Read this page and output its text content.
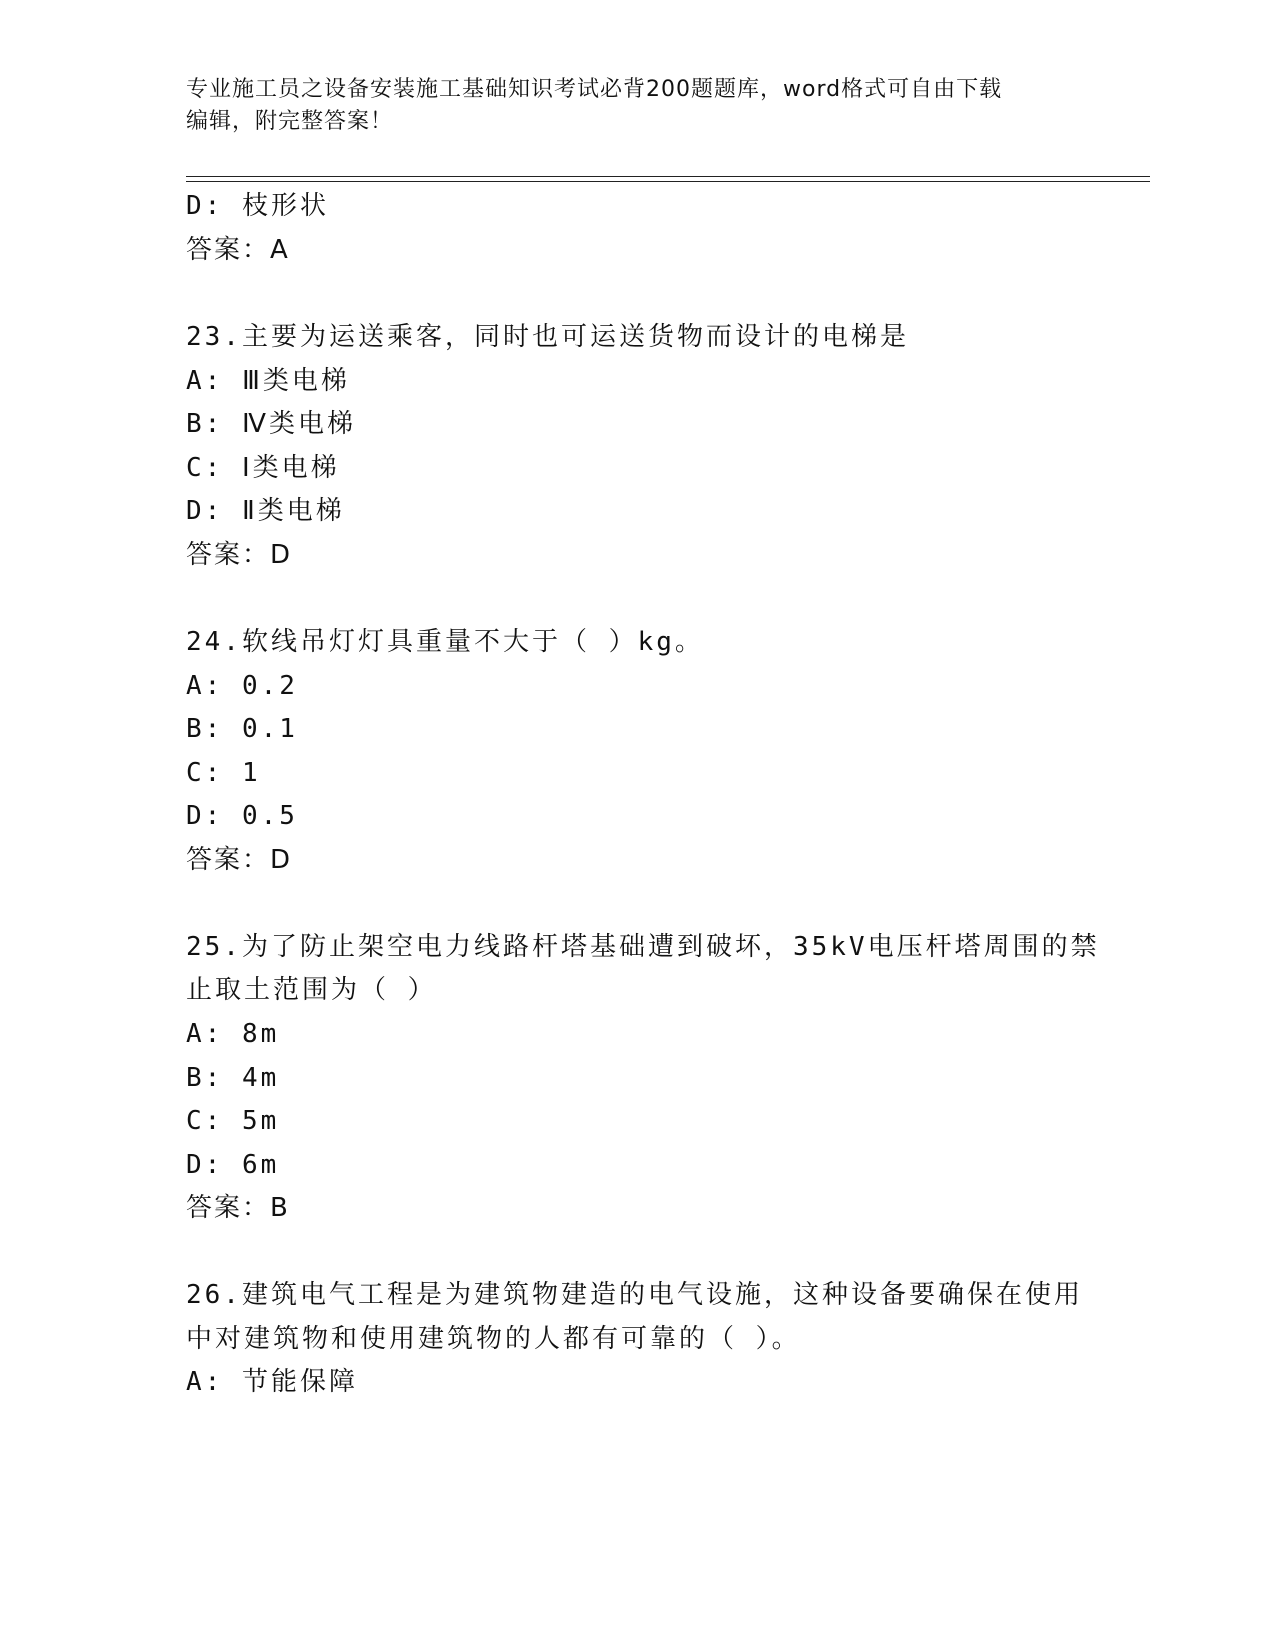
专业施工员之设备安装施工基础知识考试必背200题题库，word格式可自由下载
编辑，附完整答案！
D: 枝形状
答案：A
23.主要为运送乘客，同时也可运送货物而设计的电梯是
A: Ⅲ类电梯
B: Ⅳ类电梯
C: Ⅰ类电梯
D: Ⅱ类电梯
答案：D
24.软线吊灯灯具重量不大于（ ）kg。
A: 0.2
B: 0.1
C: 1
D: 0.5
答案：D
25.为了防止架空电力线路杆塔基础遭到破坏，35kV电压杆塔周围的禁
止取土范围为（ ）
A: 8m
B: 4m
C: 5m
D: 6m
答案：B
26.建筑电气工程是为建筑物建造的电气设施，这种设备要确保在使用
中对建筑物和使用建筑物的人都有可靠的（ ）。
A: 节能保障
